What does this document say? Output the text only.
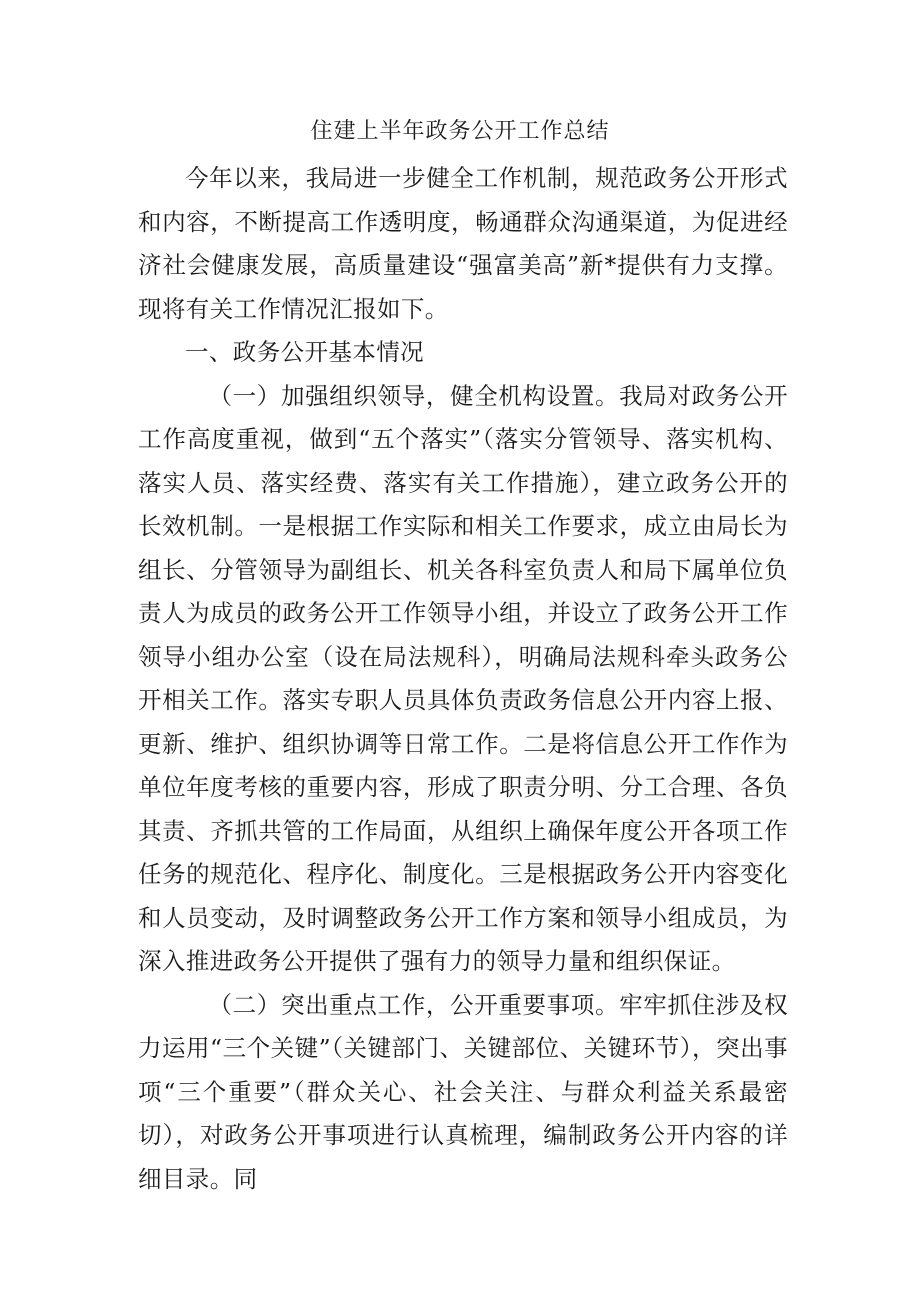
住建上半年政务公开工作总结

今年以来，我局进一步健全工作机制，规范政务公开形式和内容，不断提高工作透明度，畅通群众沟通渠道，为促进经济社会健康发展，高质量建设“强富美高”新*提供有力支撑。现将有关工作情况汇报如下。

一、政务公开基本情况

（一）加强组织领导，健全机构设置。我局对政务公开工作高度重视，做到“五个落实”（落实分管领导、落实机构、落实人员、落实经费、落实有关工作措施），建立政务公开的长效机制。一是根据工作实际和相关工作要求，成立由局长为组长、分管领导为副组长、机关各科室负责人和局下属单位负责人为成员的政务公开工作领导小组，并设立了政务公开工作领导小组办公室（设在局法规科），明确局法规科牵头政务公开相关工作。落实专职人员具体负责政务信息公开内容上报、更新、维护、组织协调等日常工作。二是将信息公开工作作为单位年度考核的重要内容，形成了职责分明、分工合理、各负其责、齐抓共管的工作局面，从组织上确保年度公开各项工作任务的规范化、程序化、制度化。三是根据政务公开内容变化和人员变动，及时调整政务公开工作方案和领导小组成员，为深入推进政务公开提供了强有力的领导力量和组织保证。

（二）突出重点工作，公开重要事项。牢牢抓住涉及权力运用“三个关键”（关键部门、关键部位、关键环节），突出事项“三个重要”（群众关心、社会关注、与群众利益关系最密切），对政务公开事项进行认真梳理，编制政务公开内容的详细目录。同
